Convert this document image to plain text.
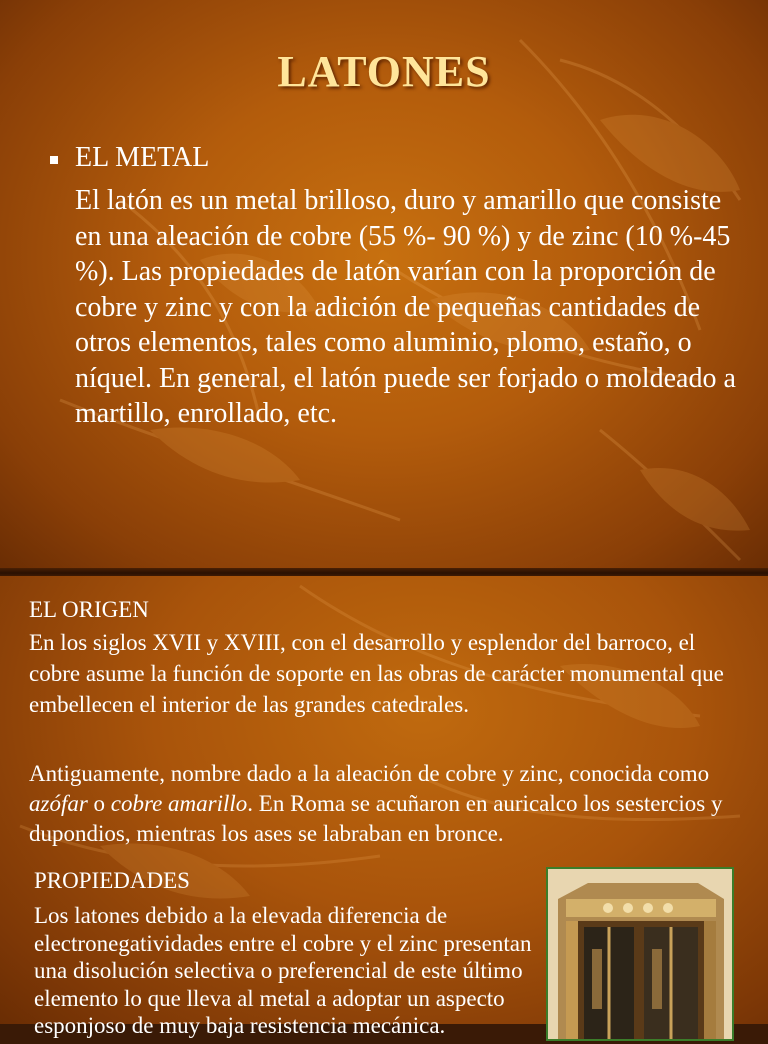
LATONES
EL METAL
El latón es un metal brilloso, duro y amarillo que consiste en una aleación de cobre (55 %- 90 %) y de zinc (10 %-45 %). Las propiedades de latón varían con la proporción de cobre y zinc y con la adición de pequeñas cantidades de otros elementos, tales como aluminio, plomo, estaño, o níquel. En general, el latón puede ser forjado o moldeado a martillo, enrollado, etc.
EL ORIGEN
En los siglos XVII y XVIII, con el desarrollo y esplendor del barroco, el cobre asume la función de soporte en las obras de carácter monumental que embellecen el interior de las grandes catedrales.
Antiguamente, nombre dado a la aleación de cobre y zinc, conocida como azófar o cobre amarillo. En Roma se acuñaron en auricalco los sestercios y dupondios, mientras los ases se labraban en bronce.
PROPIEDADES
Los latones debido a la elevada diferencia de electronegatividades entre el cobre y el zinc presentan una disolución selectiva o preferencial de este último elemento lo que lleva al metal a adoptar un aspecto esponjoso de muy baja resistencia mecánica.
